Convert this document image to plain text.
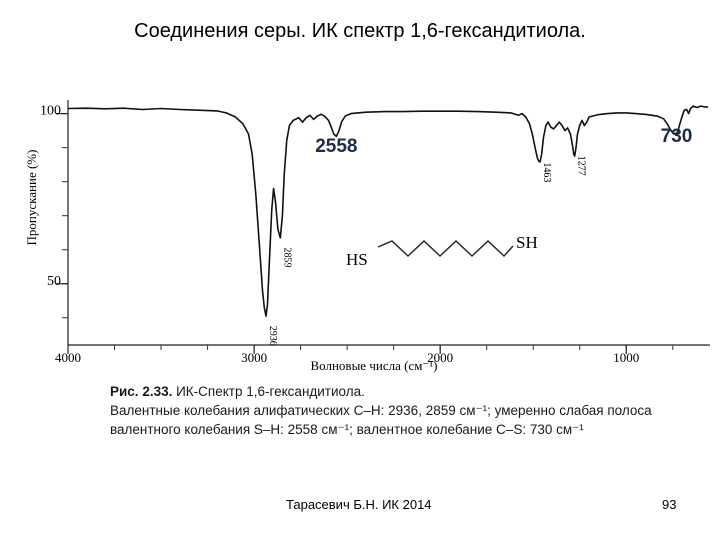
Соединения серы. ИК спектр 1,6-гександитиола.
4000	3000	2000	1000
100
50
Волновые числа (см⁻¹)
Пропускание (%)
2936
2859
1463 1277
2558	730
HS
SH
Рис. 2.33. ИК-Спектр 1,6-гександитиола.
Валентные колебания алифатических C–H: 2936, 2859 см⁻¹; умеренно слабая полоса
валентного колебания S–H: 2558 см⁻¹; валентное колебание C–S: 730 см⁻¹
Тарасевич Б.Н. ИК 2014	93
